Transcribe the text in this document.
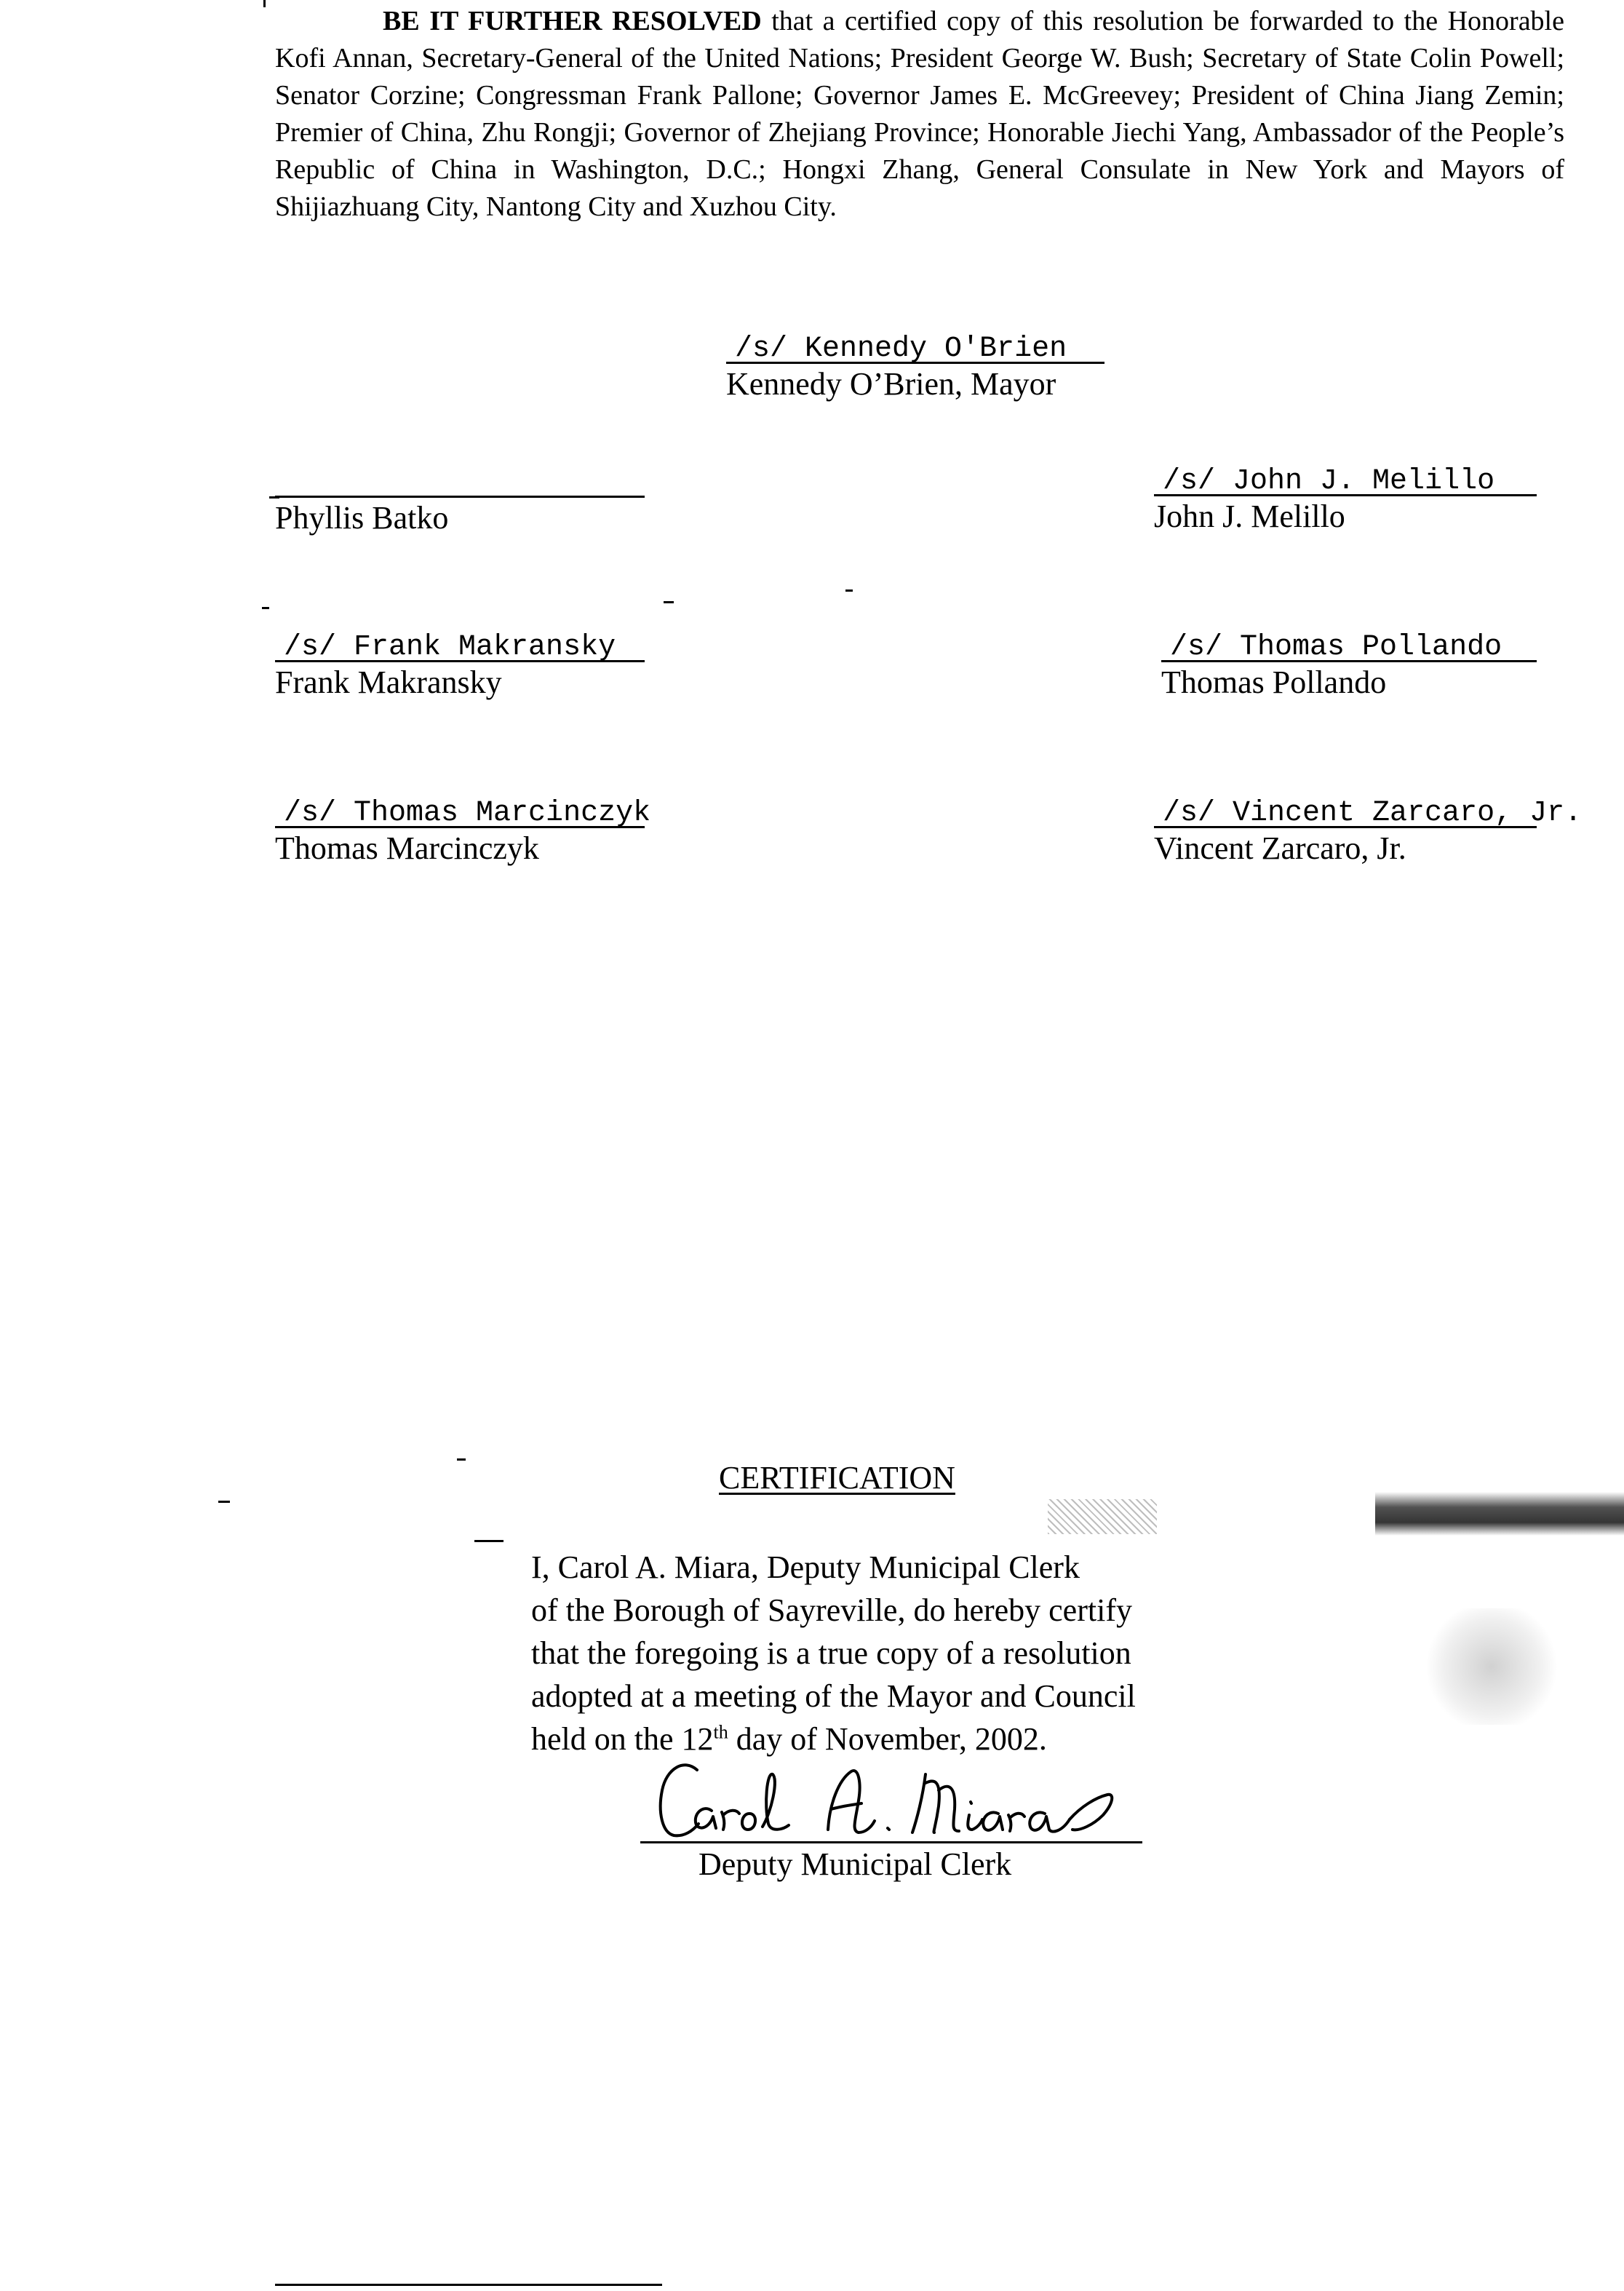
BE IT FURTHER RESOLVED that a certified copy of this resolution be forwarded to the Honorable Kofi Annan, Secretary-General of the United Nations; President George W. Bush; Secretary of State Colin Powell; Senator Corzine; Congressman Frank Pallone; Governor James E. McGreevey; President of China Jiang Zemin; Premier of China, Zhu Rongji; Governor of Zhejiang Province; Honorable Jiechi Yang, Ambassador of the People’s Republic of China in Washington, D.C.; Hongxi Zhang, General Consulate in New York and Mayors of Shijiazhuang City, Nantong City and Xuzhou City.

/s/ Kennedy O'Brien
Kennedy O’Brien, Mayor
Phyllis Batko
/s/ John J. Melillo
John J. Melillo
/s/ Frank Makransky
Frank Makransky
/s/ Thomas Pollando
Thomas Pollando
/s/ Thomas Marcinczyk
Thomas Marcinczyk
/s/ Vincent Zarcaro, Jr.
Vincent Zarcaro, Jr.
CERTIFICATION

I, Carol A. Miara, Deputy Municipal Clerk
of the Borough of Sayreville, do hereby certify
that the foregoing is a true copy of a resolution
adopted at a meeting of the Mayor and Council
held on the 12th day of November, 2002.

Deputy Municipal Clerk
